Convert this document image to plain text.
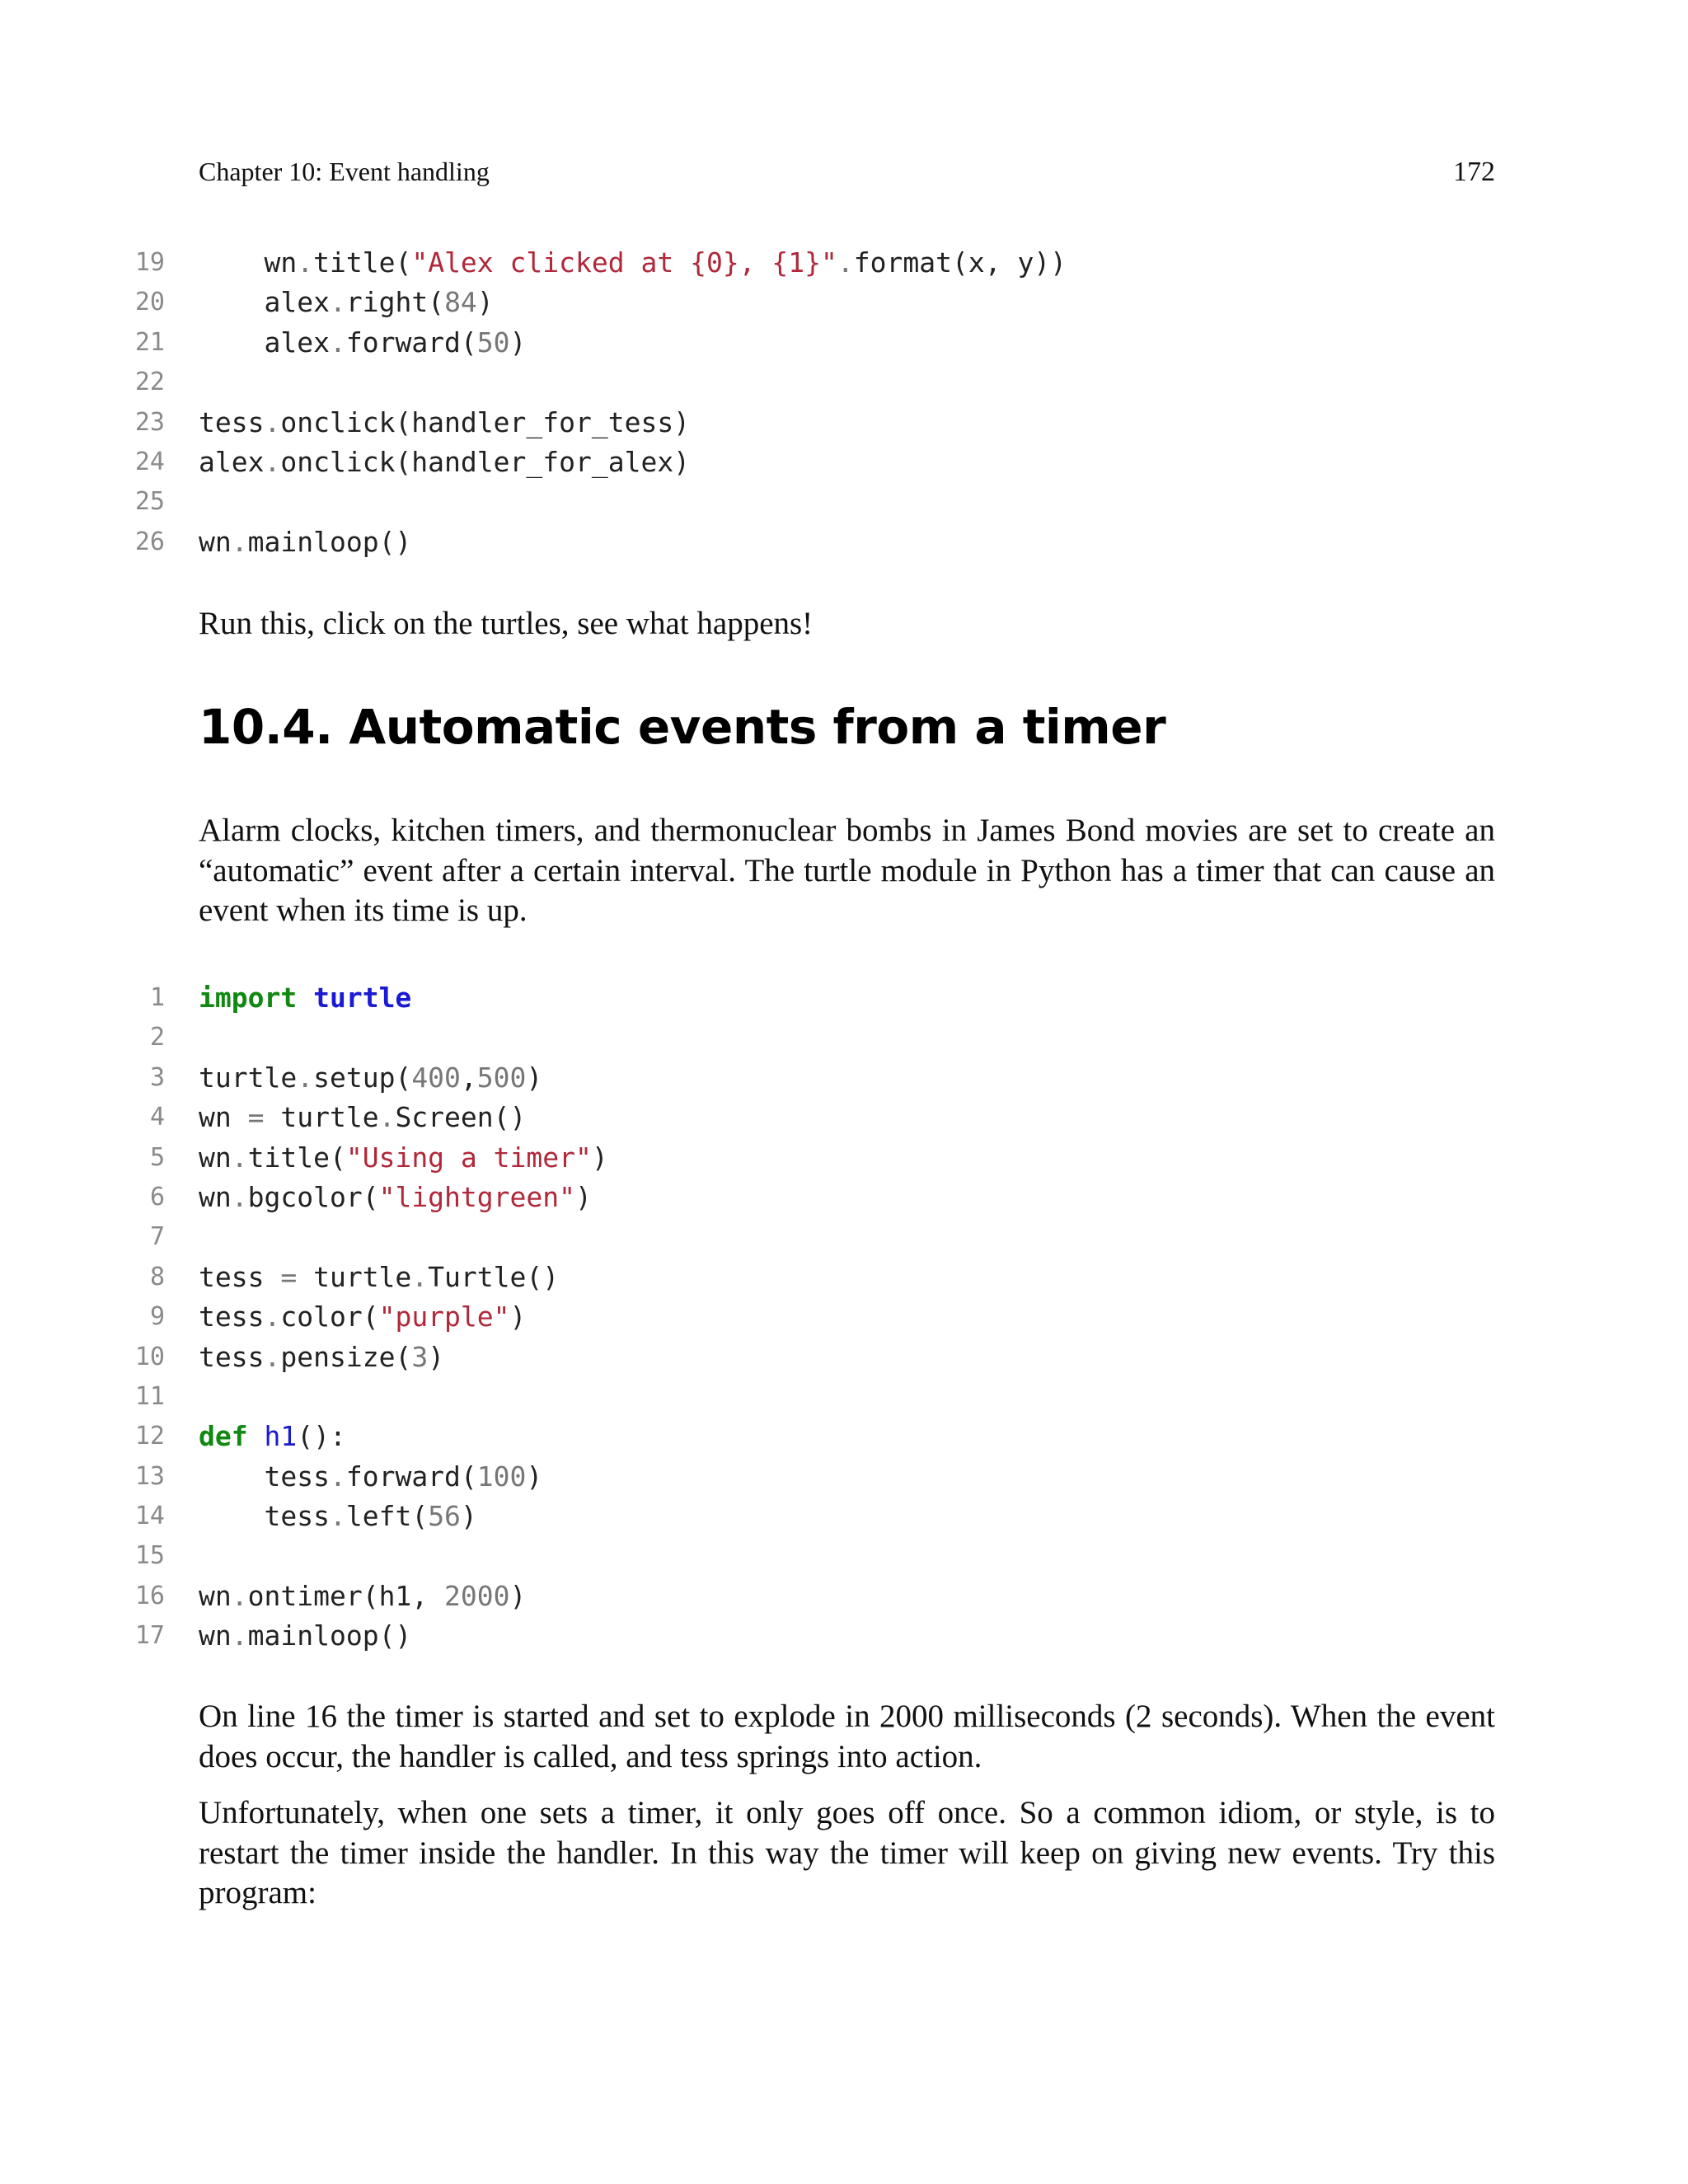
Chapter 10: Event handling	172
19	wn.title("Alex clicked at {0}, {1}".format(x, y))
20	alex.right(84)
21	alex.forward(50)
22
23 tess.onclick(handler_for_tess)
24 alex.onclick(handler_for_alex)
25
26 wn.mainloop()

Run this, click on the turtles, see what happens!

10.4. Automatic events from a timer

Alarm clocks, kitchen timers, and thermonuclear bombs in James Bond movies are set to create an “automatic” event after a certain interval. The turtle module in Python has a timer that can cause an event when its time is up.

1 import turtle
2
3 turtle.setup(400,500)
4 wn = turtle.Screen()
5 wn.title("Using a timer")
6 wn.bgcolor("lightgreen")
7
8 tess = turtle.Turtle()
9 tess.color("purple")
10 tess.pensize(3)
11
12 def h1():
13	tess.forward(100)
14	tess.left(56)
15
16 wn.ontimer(h1, 2000)
17 wn.mainloop()

On line 16 the timer is started and set to explode in 2000 milliseconds (2 seconds). When the event does occur, the handler is called, and tess springs into action.

Unfortunately, when one sets a timer, it only goes off once. So a common idiom, or style, is to restart the timer inside the handler. In this way the timer will keep on giving new events. Try this program:
